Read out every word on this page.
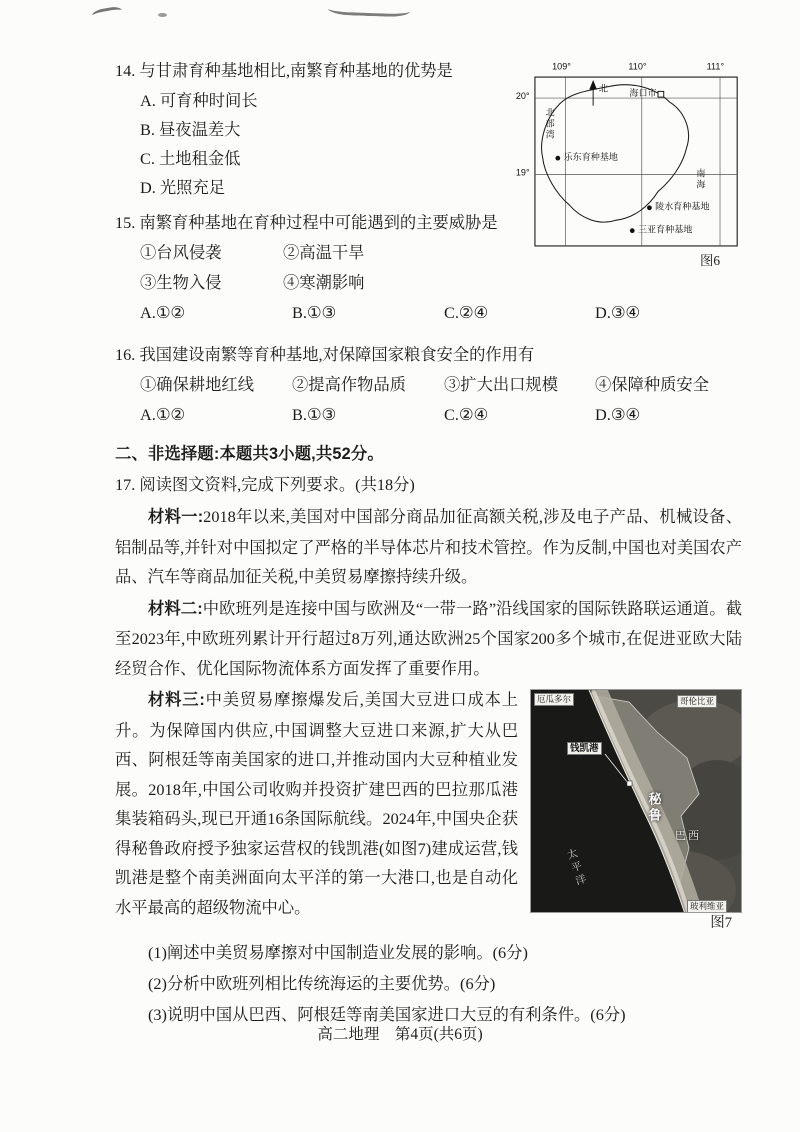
109°	110°	111°
20°
19°
北
北部湾
海口市
乐东育种基地
南海
陵水育种基地
三亚育种基地
图6
14. 与甘肃育种基地相比,南繁育种基地的优势是
A. 可育种时间长
B. 昼夜温差大
C. 土地租金低
D. 光照充足
15. 南繁育种基地在育种过程中可能遇到的主要威胁是
①台风侵袭	②高温干旱
③生物入侵	④寒潮影响
A.①②	B.①③	C.②④	D.③④
16. 我国建设南繁等育种基地,对保障国家粮食安全的作用有
①确保耕地红线	②提高作物品质	③扩大出口规模	④保障种质安全
A.①②	B.①③	C.②④	D.③④
二、非选择题:本题共3小题,共52分。
17. 阅读图文资料,完成下列要求。(共18分)

材料一:2018年以来,美国对中国部分商品加征高额关税,涉及电子产品、机械设备、铝制品等,并针对中国拟定了严格的半导体芯片和技术管控。作为反制,中国也对美国农产品、汽车等商品加征关税,中美贸易摩擦持续升级。

材料二:中欧班列是连接中国与欧洲及“一带一路”沿线国家的国际铁路联运通道。截至2023年,中欧班列累计开行超过8万列,通达欧洲25个国家200多个城市,在促进亚欧大陆经贸合作、优化国际物流体系方面发挥了重要作用。

厄瓜多尔	哥伦比亚
钱凯港
秘鲁
巴西
太平洋
玻利维亚
图7
材料三:中美贸易摩擦爆发后,美国大豆进口成本上升。为保障国内供应,中国调整大豆进口来源,扩大从巴西、阿根廷等南美国家的进口,并推动国内大豆种植业发展。2018年,中国公司收购并投资扩建巴西的巴拉那瓜港集装箱码头,现已开通16条国际航线。2024年,中国央企获得秘鲁政府授予独家运营权的钱凯港(如图7)建成运营,钱凯港是整个南美洲面向太平洋的第一大港口,也是自动化水平最高的超级物流中心。

(1)阐述中美贸易摩擦对中国制造业发展的影响。(6分)
(2)分析中欧班列相比传统海运的主要优势。(6分)
(3)说明中国从巴西、阿根廷等南美国家进口大豆的有利条件。(6分)
高二地理　第4页(共6页)
